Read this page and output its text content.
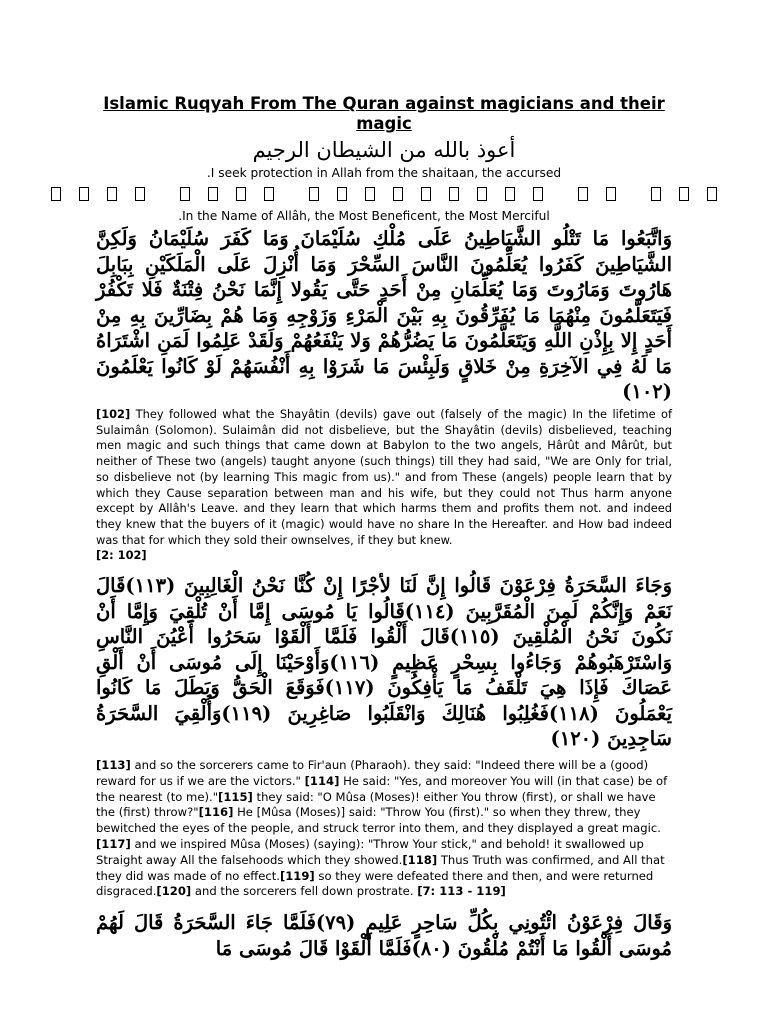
Islamic Ruqyah From The Quran against magicians and their magic
أعوذ بالله من الشيطان الرجيم
.I seek protection in Allah from the shaitaan, the accursed
.In the Name of Allâh, the Most Beneficent, the Most Merciful
وَاتَّبَعُوا مَا تَتْلُو الشَّيَاطِينُ عَلَى مُلْكِ سُلَيْمَانَ وَمَا كَفَرَ سُلَيْمَانُ وَلَكِنَّ الشَّيَاطِينَ كَفَرُوا يُعَلِّمُونَ النَّاسَ السِّحْرَ وَمَا أُنْزِلَ عَلَى الْمَلَكَيْنِ بِبَابِلَ هَارُوتَ وَمَارُوتَ وَمَا يُعَلِّمَانِ مِنْ أَحَدٍ حَتَّى يَقُولا إِنَّمَا نَحْنُ فِتْنَةٌ فَلا تَكْفُرْ فَيَتَعَلَّمُونَ مِنْهُمَا مَا يُفَرِّقُونَ بِهِ بَيْنَ الْمَرْءِ وَزَوْجِهِ وَمَا هُمْ بِضَارِّينَ بِهِ مِنْ أَحَدٍ إِلا بِإِذْنِ اللَّهِ وَيَتَعَلَّمُونَ مَا يَضُرُّهُمْ وَلا يَنْفَعُهُمْ وَلَقَدْ عَلِمُوا لَمَنِ اشْتَرَاهُ مَا لَهُ فِي الآخِرَةِ مِنْ خَلاقٍ وَلَبِئْسَ مَا شَرَوْا بِهِ أَنْفُسَهُمْ لَوْ كَانُوا يَعْلَمُونَ (١٠٢)
[102] They followed what the Shayâtin (devils) gave out (falsely of the magic) In the lifetime of Sulaimân (Solomon). Sulaimân did not disbelieve, but the Shayâtin (devils) disbelieved, teaching men magic and such things that came down at Babylon to the two angels, Hârût and Mârût, but neither of These two (angels) taught anyone (such things) till they had said, "We are Only for trial, so disbelieve not (by learning This magic from us)." and from These (angels) people learn that by which they Cause separation between man and his wife, but they could not Thus harm anyone except by Allâh's Leave. and they learn that which harms them and profits them not. and indeed they knew that the buyers of it (magic) would have no share In the Hereafter. and How bad indeed was that for which they sold their ownselves, if they but knew.
[2: 102]
وَجَاءَ السَّحَرَةُ فِرْعَوْنَ قَالُوا إِنَّ لَنَا لأجْرًا إِنْ كُنَّا نَحْنُ الْغَالِبِينَ (١١٣)قَالَ نَعَمْ وَإِنَّكُمْ لَمِنَ الْمُقَرَّبِينَ (١١٤)قَالُوا يَا مُوسَى إِمَّا أَنْ تُلْقِيَ وَإِمَّا أَنْ نَكُونَ نَحْنُ الْمُلْقِينَ (١١٥)قَالَ أَلْقُوا فَلَمَّا أَلْقَوْا سَحَرُوا أَعْيُنَ النَّاسِ وَاسْتَرْهَبُوهُمْ وَجَاءُوا بِسِحْرٍ عَظِيمٍ (١١٦)وَأَوْحَيْنَا إِلَى مُوسَى أَنْ أَلْقِ عَصَاكَ فَإِذَا هِيَ تَلْقَفُ مَا يَأْفِكُونَ (١١٧)فَوَقَعَ الْحَقُّ وَبَطَلَ مَا كَانُوا يَعْمَلُونَ (١١٨)فَغُلِبُوا هُنَالِكَ وَانْقَلَبُوا صَاغِرِينَ (١١٩)وَأُلْقِيَ السَّحَرَةُ سَاجِدِينَ (١٢٠)
[113] and so the sorcerers came to Fir'aun (Pharaoh). they said: "Indeed there will be a (good) reward for us if we are the victors." [114] He said: "Yes, and moreover You will (in that case) be of the nearest (to me)."[115] they said: "O Mûsa (Moses)! either You throw (first), or shall we have the (first) throw?"[116] He [Mûsa (Moses)] said: "Throw You (first)." so when they threw, they bewitched the eyes of the people, and struck terror into them, and they displayed a great magic. [117] and we inspired Mûsa (Moses) (saying): "Throw Your stick," and behold! it swallowed up Straight away All the falsehoods which they showed.[118] Thus Truth was confirmed, and All that they did was made of no effect.[119] so they were defeated there and then, and were returned disgraced.[120] and the sorcerers fell down prostrate. [7: 113 - 119]
وَقَالَ فِرْعَوْنُ ائْتُونِي بِكُلِّ سَاحِرٍ عَلِيمٍ (٧٩)فَلَمَّا جَاءَ السَّحَرَةُ قَالَ لَهُمْ مُوسَى أَلْقُوا مَا أَنْتُمْ مُلْقُونَ (٨٠)فَلَمَّا أَلْقَوْا قَالَ مُوسَى مَا
